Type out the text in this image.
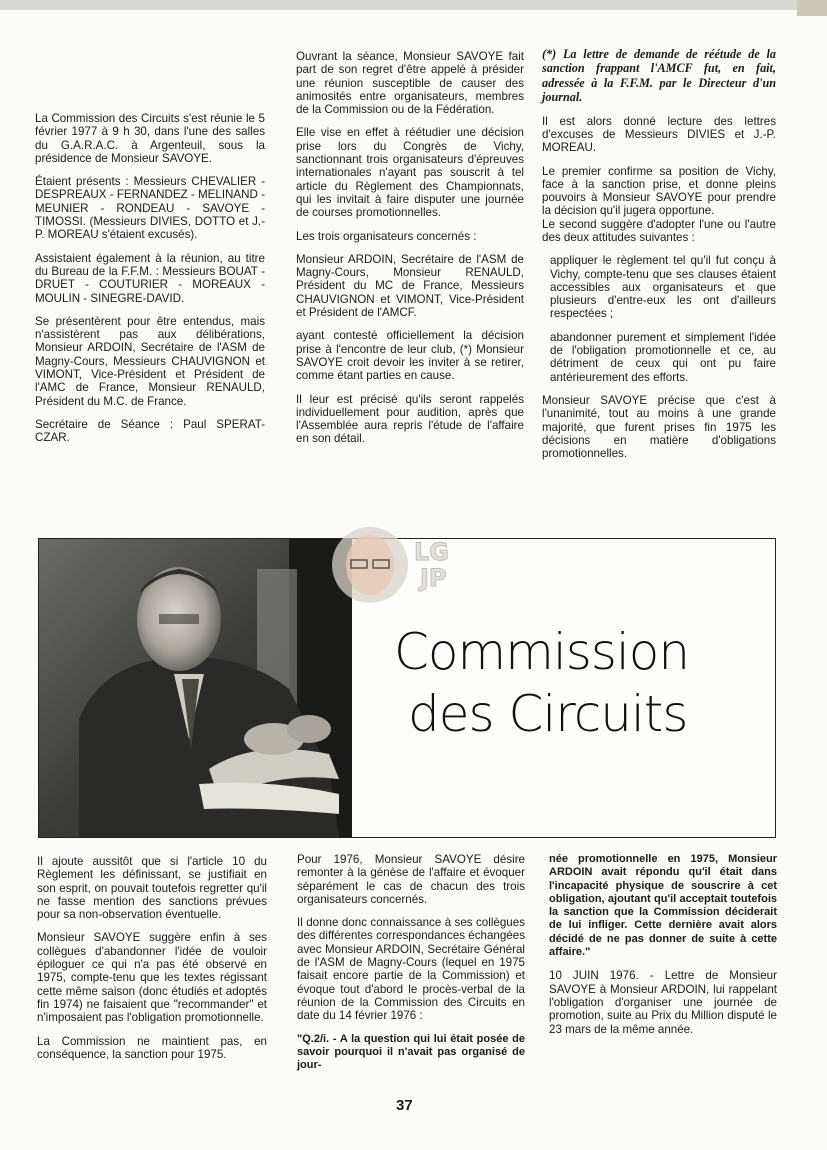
La Commission des Circuits s'est réunie le 5 février 1977 à 9 h 30, dans l'une des salles du G.A.R.A.C. à Argenteuil, sous la présidence de Monsieur SAVOYE.

Étaient présents : Messieurs CHEVALIER - DESPREAUX - FERNANDEZ - MELINAND - MEUNIER - RONDEAU - SAVOYE - TIMOSSI. (Messieurs DIVIES, DOTTO et J.-P. MOREAU s'étaient excusés).

Assistaient également à la réunion, au titre du Bureau de la F.F.M. : Messieurs BOUAT - DRUET - COUTURIER - MOREAUX - MOULIN - SINEGRE-DAVID.

Se présentèrent pour être entendus, mais n'assistèrent pas aux délibérations, Monsieur ARDOIN, Secrétaire de l'ASM de Magny-Cours, Messieurs CHAUVIGNON et VIMONT, Vice-Président et Président de l'AMC de France, Monsieur RENAULD, Président du M.C. de France.

Secrétaire de Séance : Paul SPERAT-CZAR.

Ouvrant la séance, Monsieur SAVOYE fait part de son regret d'être appelé à présider une réunion susceptible de causer des animosités entre organisateurs, membres de la Commission ou de la Fédération.

Elle vise en effet à réétudier une décision prise lors du Congrès de Vichy, sanctionnant trois organisateurs d'épreuves internationales n'ayant pas souscrit à tel article du Règlement des Championnats, qui les invitait à faire disputer une journée de courses promotionnelles.

Les trois organisateurs concernés :

Monsieur ARDOIN, Secrétaire de l'ASM de Magny-Cours, Monsieur RENAULD, Président du MC de France, Messieurs CHAUVIGNON et VIMONT, Vice-Président et Président de l'AMCF.

ayant contesté officiellement la décision prise à l'encontre de leur club, (*) Monsieur SAVOYE croit devoir les inviter à se retirer, comme étant parties en cause.

Il leur est précisé qu'ils seront rappelés individuellement pour audition, après que l'Assemblée aura repris l'étude de l'affaire en son détail.

(*) La lettre de demande de réétude de la sanction frappant l'AMCF fut, en fait, adressée à la F.F.M. par le Directeur d'un journal.

Il est alors donné lecture des lettres d'excuses de Messieurs DIVIES et J.-P. MOREAU.

Le premier confirme sa position de Vichy, face à la sanction prise, et donne pleins pouvoirs à Monsieur SAVOYE pour prendre la décision qu'il jugera opportune.

Le second suggère d'adopter l'une ou l'autre des deux attitudes suivantes :

appliquer le règlement tel qu'il fut conçu à Vichy, compte-tenu que ses clauses étaient accessibles aux organisateurs et que plusieurs d'entre-eux les ont d'ailleurs respectées ;

abandonner purement et simplement l'idée de l'obligation promotionnelle et ce, au détriment de ceux qui ont pu faire antérieurement des efforts.

Monsieur SAVOYE précise que c'est à l'unanimité, tout au moins à une grande majorité, que furent prises fin 1975 les décisions en matière d'obligations promotionnelles.

Commission
des Circuits
LG
JP

Il ajoute aussitôt que si l'article 10 du Règlement les définissant, se justifiait en son esprit, on pouvait toutefois regretter qu'il ne fasse mention des sanctions prévues pour sa non-observation éventuelle.

Monsieur SAVOYE suggère enfin à ses collègues d'abandonner l'idée de vouloir épiloguer ce qui n'a pas été observé en 1975, compte-tenu que les textes régissant cette même saison (donc étudiés et adoptés fin 1974) ne faisaient que "recommander" et n'imposaient pas l'obligation promotionnelle.

La Commission ne maintient pas, en conséquence, la sanction pour 1975.

Pour 1976, Monsieur SAVOYE désire remonter à la génèse de l'affaire et évoquer séparément le cas de chacun des trois organisateurs concernés.

Il donne donc connaissance à ses collègues des différentes correspondances échangées avec Monsieur ARDOIN, Secrétaire Général de l'ASM de Magny-Cours (lequel en 1975 faisait encore partie de la Commission) et évoque tout d'abord le procès-verbal de la réunion de la Commission des Circuits en date du 14 février 1976 :

"Q.2/i. - A la question qui lui était posée de savoir pourquoi il n'avait pas organisé de jour-

née promotionnelle en 1975, Monsieur ARDOIN avait répondu qu'il était dans l'incapacité physique de souscrire à cet obligation, ajoutant qu'il acceptait toutefois la sanction que la Commission déciderait de lui infliger. Cette dernière avait alors décidé de ne pas donner de suite à cette affaire."

10 JUIN 1976. - Lettre de Monsieur SAVOYE à Monsieur ARDOIN, lui rappelant l'obligation d'organiser une journée de promotion, suite au Prix du Million disputé le 23 mars de la même année.

37
